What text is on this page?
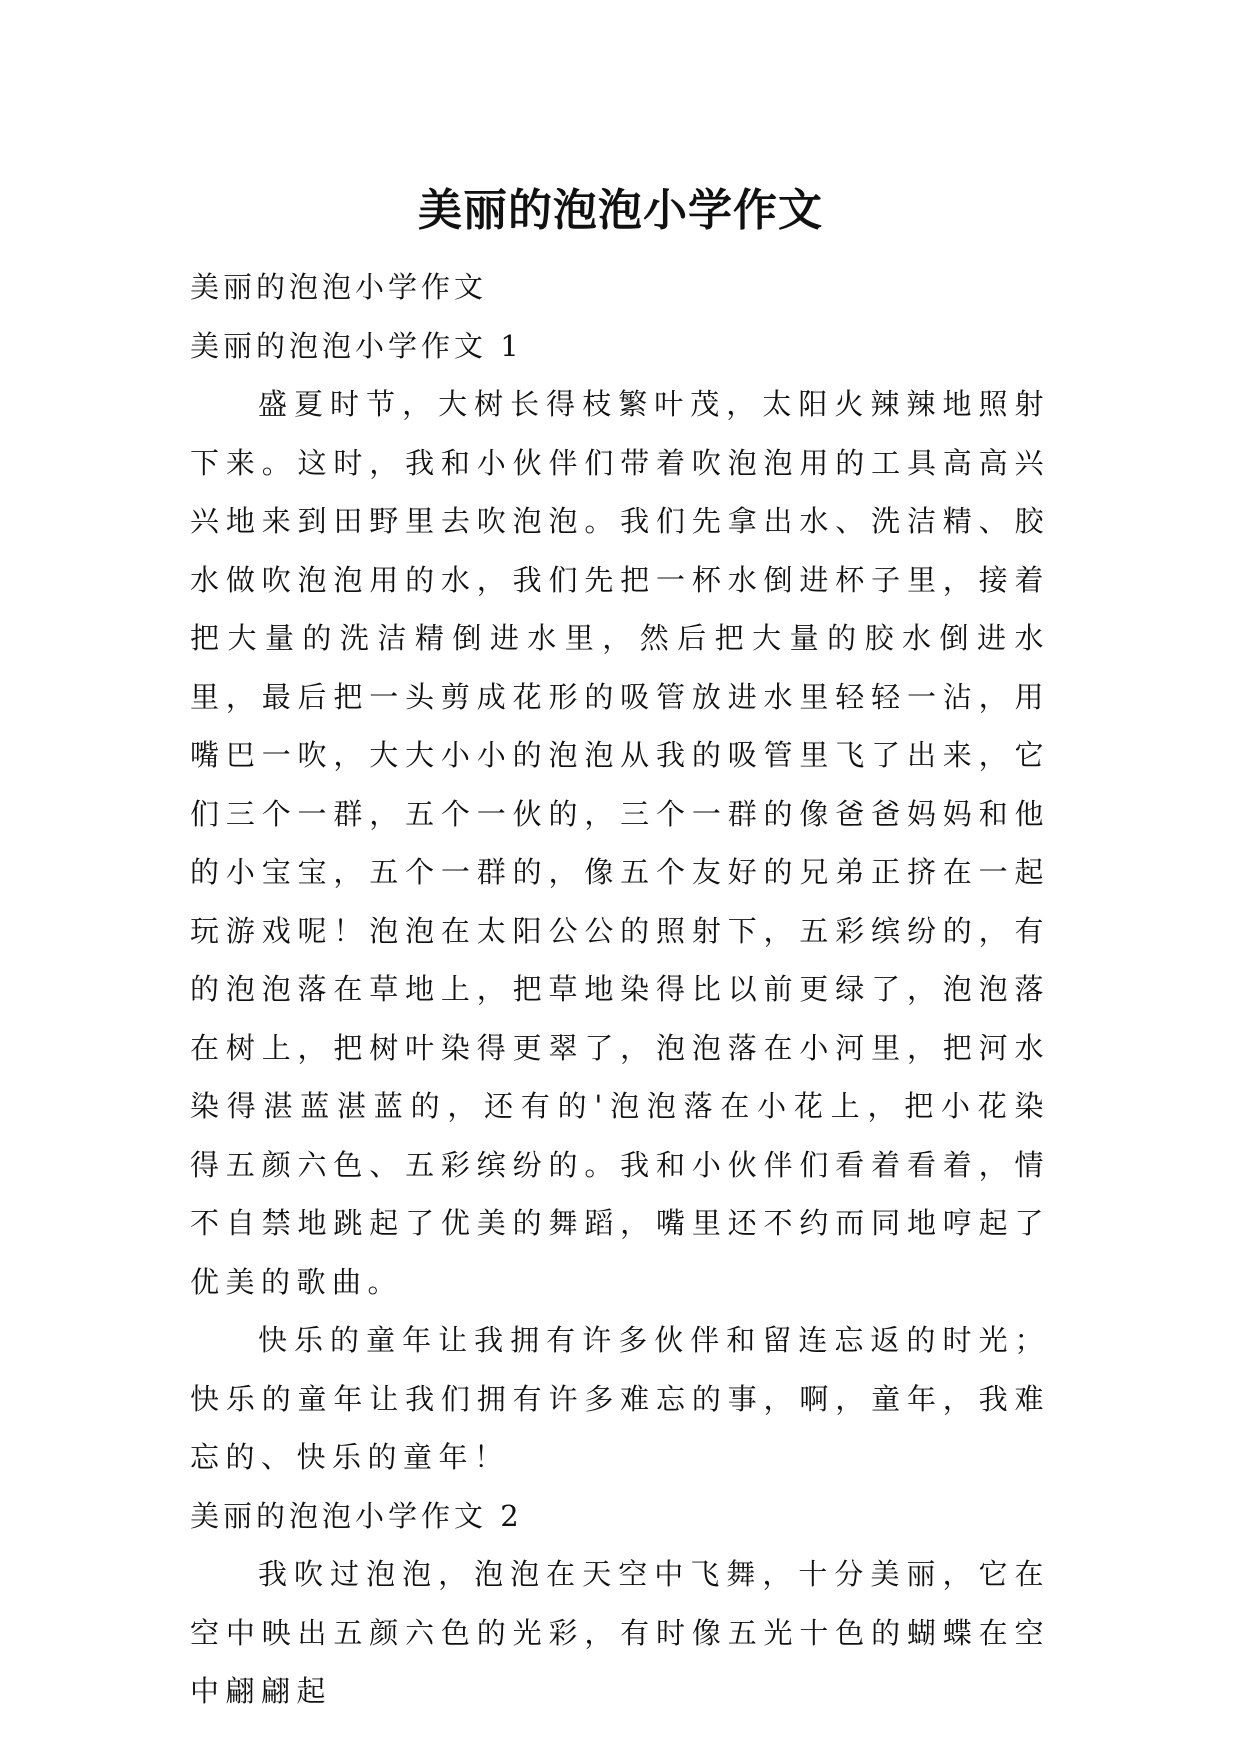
美丽的泡泡小学作文

美丽的泡泡小学作文

美丽的泡泡小学作文 1

盛夏时节，大树长得枝繁叶茂，太阳火辣辣地照射下来。这时，我和小伙伴们带着吹泡泡用的工具高高兴兴地来到田野里去吹泡泡。我们先拿出水、洗洁精、胶水做吹泡泡用的水，我们先把一杯水倒进杯子里，接着把大量的洗洁精倒进水里，然后把大量的胶水倒进水里，最后把一头剪成花形的吸管放进水里轻轻一沾，用嘴巴一吹，大大小小的泡泡从我的吸管里飞了出来，它们三个一群，五个一伙的，三个一群的像爸爸妈妈和他的小宝宝，五个一群的，像五个友好的兄弟正挤在一起玩游戏呢！泡泡在太阳公公的照射下，五彩缤纷的，有的泡泡落在草地上，把草地染得比以前更绿了，泡泡落在树上，把树叶染得更翠了，泡泡落在小河里，把河水染得湛蓝湛蓝的，还有的'泡泡落在小花上，把小花染得五颜六色、五彩缤纷的。我和小伙伴们看着看着，情不自禁地跳起了优美的舞蹈，嘴里还不约而同地哼起了优美的歌曲。

快乐的童年让我拥有许多伙伴和留连忘返的时光；快乐的童年让我们拥有许多难忘的事，啊，童年，我难忘的、快乐的童年！

美丽的泡泡小学作文 2

我吹过泡泡，泡泡在天空中飞舞，十分美丽，它在空中映出五颜六色的光彩，有时像五光十色的蝴蝶在空中翩翩起
